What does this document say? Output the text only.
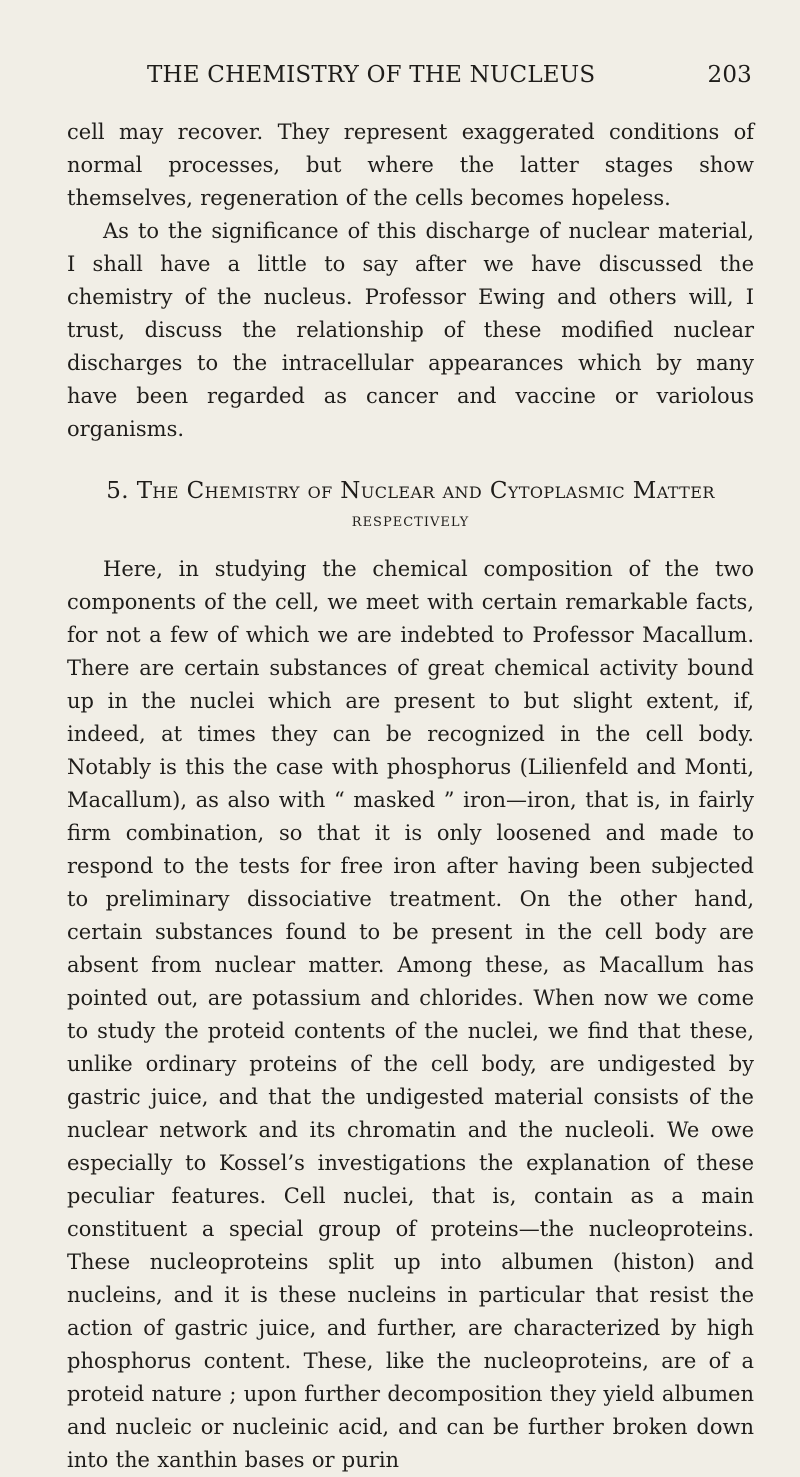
THE CHEMISTRY OF THE NUCLEUS	203

cell may recover. They represent exaggerated conditions of normal processes, but where the latter stages show themselves, regeneration of the cells becomes hopeless.

As to the significance of this discharge of nuclear material, I shall have a little to say after we have discussed the chemistry of the nucleus. Professor Ewing and others will, I trust, discuss the relationship of these modified nuclear discharges to the intracellular appearances which by many have been regarded as cancer and vaccine or variolous organisms.

5. The Chemistry of Nuclear and Cytoplasmic Matter
respectively

Here, in studying the chemical composition of the two components of the cell, we meet with certain remarkable facts, for not a few of which we are indebted to Professor Macallum. There are certain substances of great chemical activity bound up in the nuclei which are present to but slight extent, if, indeed, at times they can be recognized in the cell body. Notably is this the case with phosphorus (Lilienfeld and Monti, Macallum), as also with “ masked ” iron—iron, that is, in fairly firm combination, so that it is only loosened and made to respond to the tests for free iron after having been subjected to preliminary dissociative treatment. On the other hand, certain substances found to be present in the cell body are absent from nuclear matter. Among these, as Macallum has pointed out, are potassium and chlorides. When now we come to study the proteid contents of the nuclei, we find that these, unlike ordinary proteins of the cell body, are undigested by gastric juice, and that the undigested material consists of the nuclear network and its chromatin and the nucleoli. We owe especially to Kossel’s investigations the explanation of these peculiar features. Cell nuclei, that is, contain as a main constituent a special group of proteins—the nucleoproteins. These nucleoproteins split up into albumen (histon) and nucleins, and it is these nucleins in particular that resist the action of gastric juice, and further, are characterized by high phosphorus content. These, like the nucleoproteins, are of a proteid nature ; upon further decomposition they yield albumen and nucleic or nucleinic acid, and can be further broken down into the xanthin bases or purin
